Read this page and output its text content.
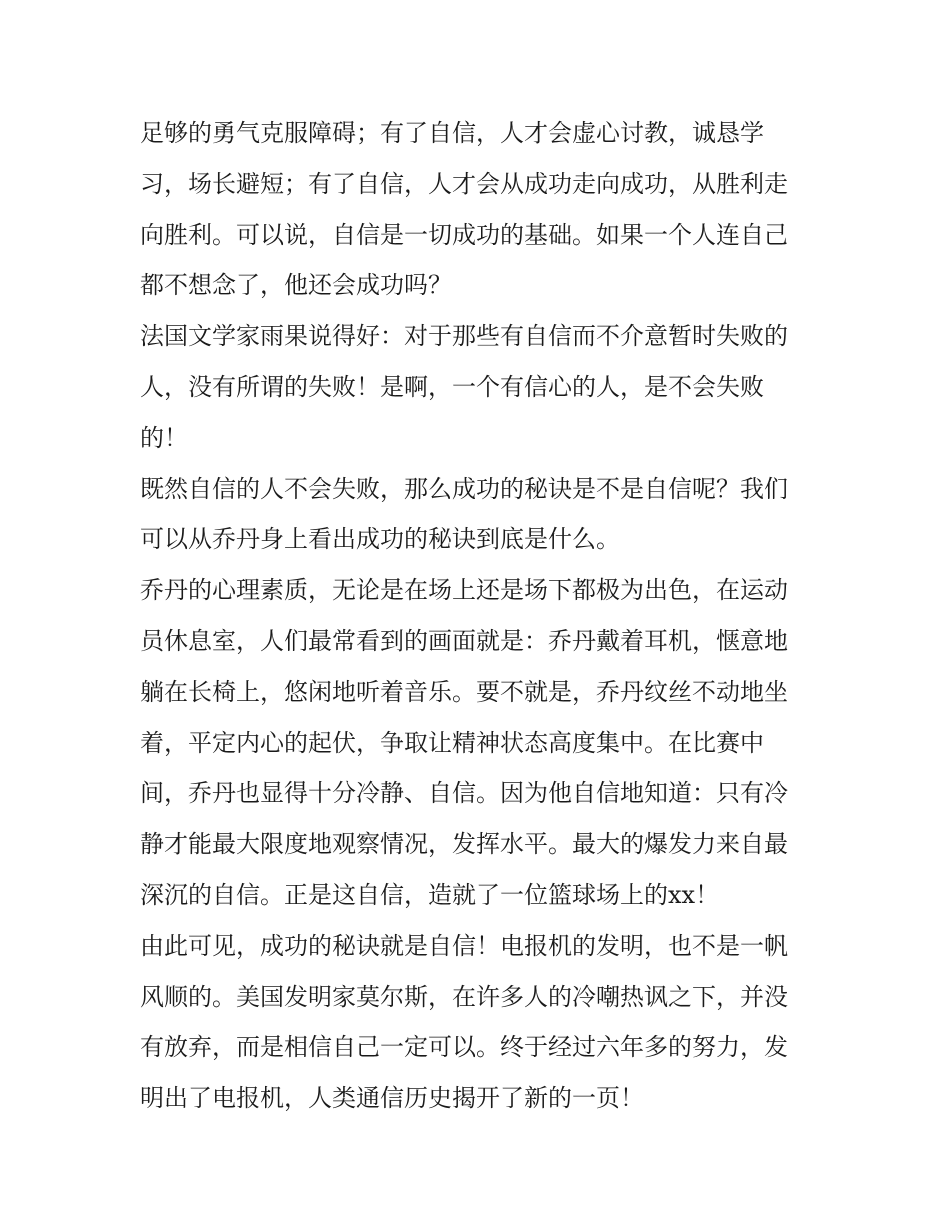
足够的勇气克服障碍；有了自信，人才会虚心讨教，诚恳学
习，场长避短；有了自信，人才会从成功走向成功，从胜利走
向胜利。可以说，自信是一切成功的基础。如果一个人连自己
都不想念了，他还会成功吗？
法国文学家雨果说得好：对于那些有自信而不介意暂时失败的
人，没有所谓的失败！是啊，一个有信心的人，是不会失败
的！
既然自信的人不会失败，那么成功的秘诀是不是自信呢？我们
可以从乔丹身上看出成功的秘诀到底是什么。
乔丹的心理素质，无论是在场上还是场下都极为出色，在运动
员休息室，人们最常看到的画面就是：乔丹戴着耳机，惬意地
躺在长椅上，悠闲地听着音乐。要不就是，乔丹纹丝不动地坐
着，平定内心的起伏，争取让精神状态高度集中。在比赛中
间，乔丹也显得十分冷静、自信。因为他自信地知道：只有冷
静才能最大限度地观察情况，发挥水平。最大的爆发力来自最
深沉的自信。正是这自信，造就了一位篮球场上的xx！
由此可见，成功的秘诀就是自信！电报机的发明，也不是一帆
风顺的。美国发明家莫尔斯，在许多人的冷嘲热讽之下，并没
有放弃，而是相信自己一定可以。终于经过六年多的努力，发
明出了电报机，人类通信历史揭开了新的一页！
